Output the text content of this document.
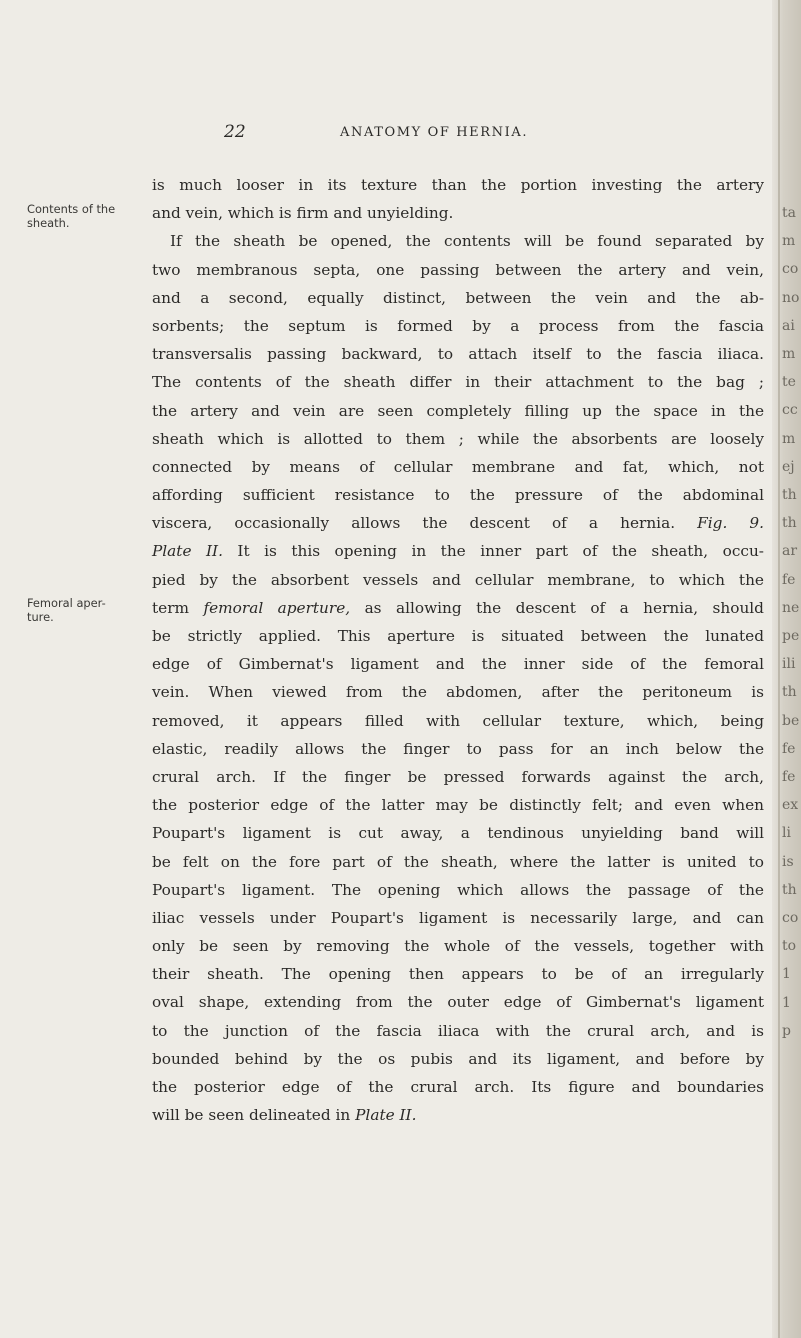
22	ANATOMY OF HERNIA.
Contents of the sheath.
Femoral aper- ture.
is much looser in its texture than the portion investing the artery
and vein, which is firm and unyielding.
If the sheath be opened, the contents will be found separated by
two membranous septa, one passing between the artery and vein,
and a second, equally distinct, between the vein and the ab-
sorbents; the septum is formed by a process from the fascia
transversalis passing backward, to attach itself to the fascia iliaca.
The contents of the sheath differ in their attachment to the bag ;
the artery and vein are seen completely filling up the space in the
sheath which is allotted to them ; while the absorbents are loosely
connected by means of cellular membrane and fat, which, not
affording sufficient resistance to the pressure of the abdominal
viscera, occasionally allows the descent of a hernia. Fig. 9.
Plate II. It is this opening in the inner part of the sheath, occu-
pied by the absorbent vessels and cellular membrane, to which the
term femoral aperture, as allowing the descent of a hernia, should
be strictly applied. This aperture is situated between the lunated
edge of Gimbernat's ligament and the inner side of the femoral
vein. When viewed from the abdomen, after the peritoneum is
removed, it appears filled with cellular texture, which, being
elastic, readily allows the finger to pass for an inch below the
crural arch. If the finger be pressed forwards against the arch,
the posterior edge of the latter may be distinctly felt; and even when
Poupart's ligament is cut away, a tendinous unyielding band will
be felt on the fore part of the sheath, where the latter is united to
Poupart's ligament. The opening which allows the passage of the
iliac vessels under Poupart's ligament is necessarily large, and can
only be seen by removing the whole of the vessels, together with
their sheath. The opening then appears to be of an irregularly
oval shape, extending from the outer edge of Gimbernat's ligament
to the junction of the fascia iliaca with the crural arch, and is
bounded behind by the os pubis and its ligament, and before by
the posterior edge of the crural arch. Its figure and boundaries
will be seen delineated in Plate II.
ta
m
co
no
ai
m
te
cc
m
ej
th
th
ar
fe
ne
pe
ili
th
be
fe
fe
ex
li
is
th
co
to
1
1
p
